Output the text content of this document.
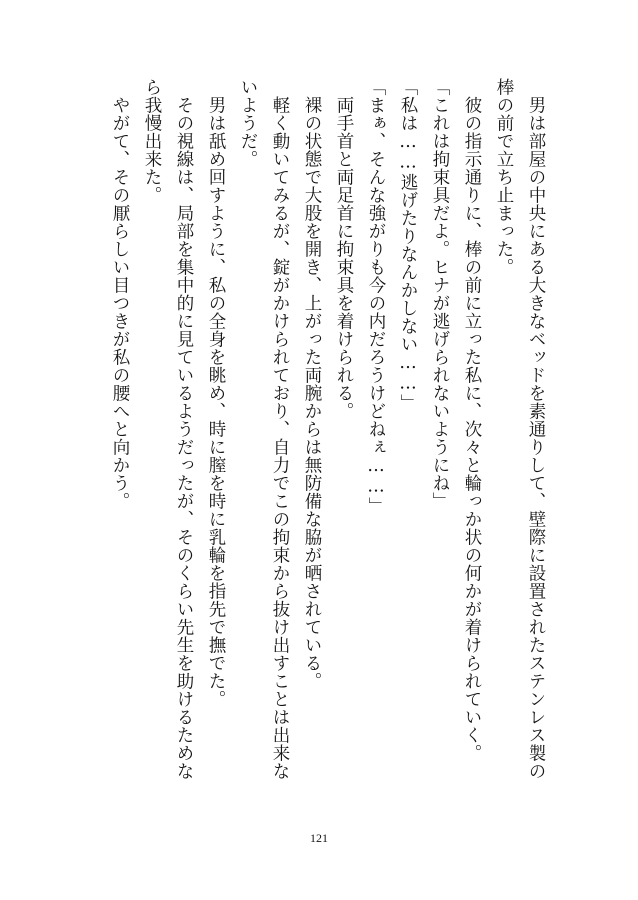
　男は部屋の中央にある大きなベッドを素通りして、壁際に設置されたステンレス製の
棒の前で立ち止まった。
　彼の指示通りに、棒の前に立った私に、次々と輪っか状の何かが着けられていく。
「これは拘束具だよ。ヒナが逃げられないようにね」
「私は……逃げたりなんかしない……」
「まぁ、そんな強がりも今の内だろうけどねぇ……」
　両手首と両足首に拘束具を着けられる。
　裸の状態で大股を開き、上がった両腕からは無防備な脇が晒されている。
　軽く動いてみるが、錠がかけられており、自力でこの拘束から抜け出すことは出来な
いようだ。
　男は舐め回すように、私の全身を眺め、時に膣を時に乳輪を指先で撫でた。
　その視線は、局部を集中的に見ているようだったが、そのくらい先生を助けるためな
ら我慢出来た。
　やがて、その厭らしい目つきが私の腰へと向かう。
121
